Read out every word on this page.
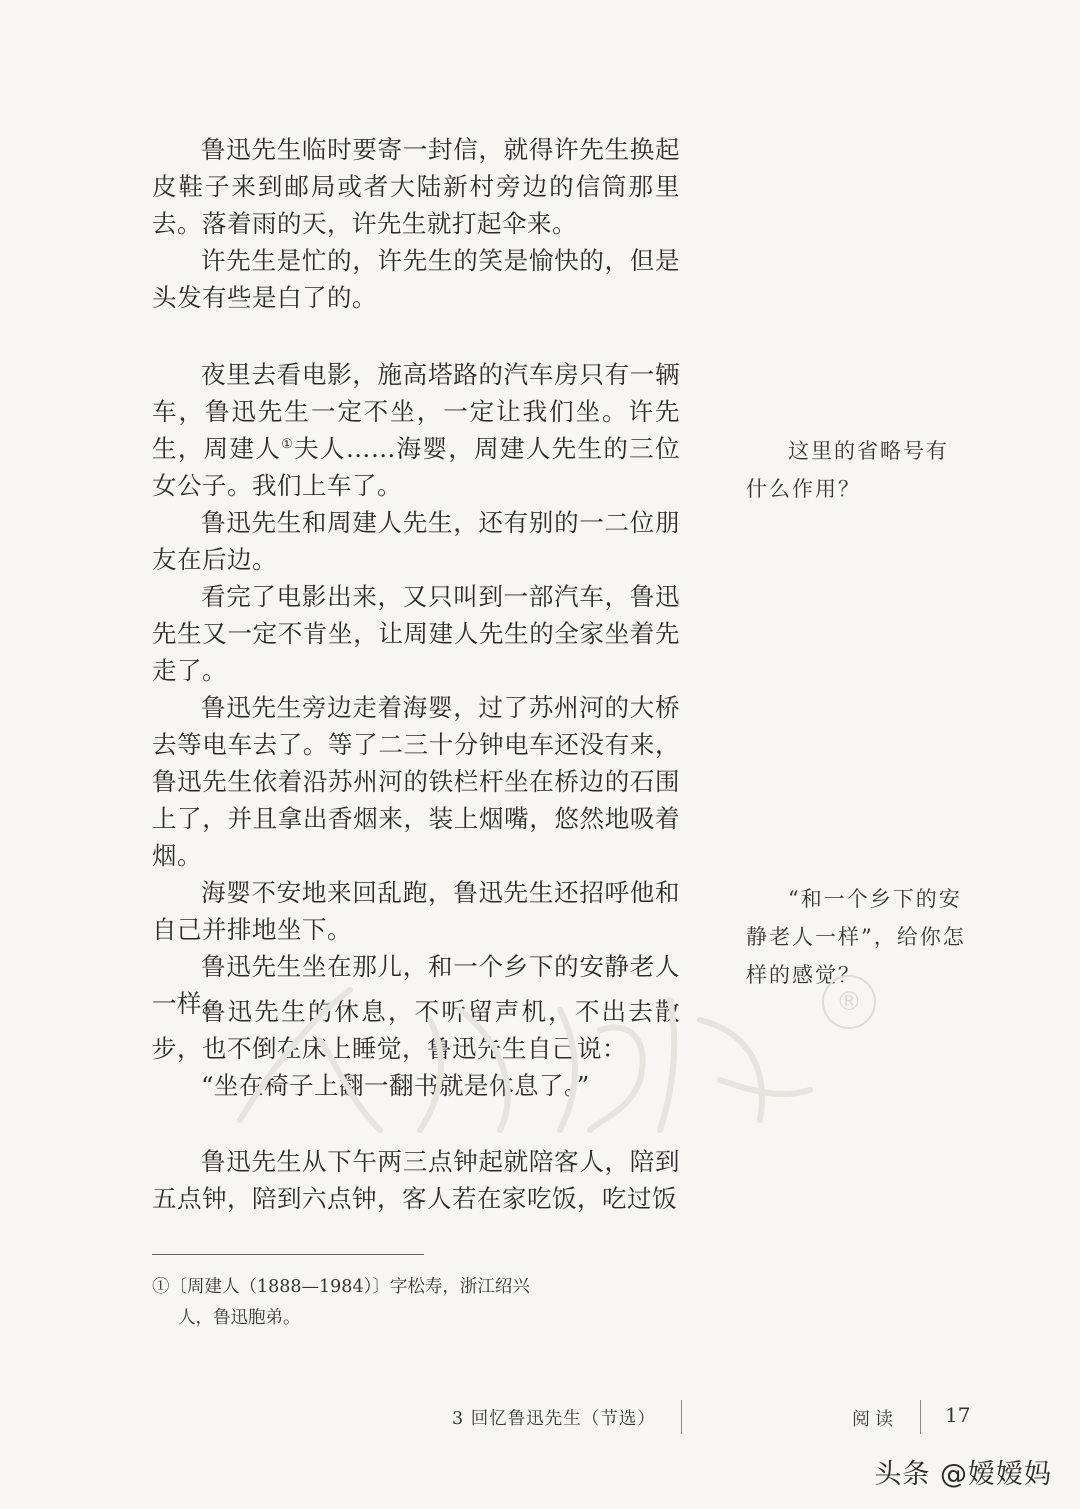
鲁迅先生临时要寄一封信，就得许先生换起皮鞋子来到邮局或者大陆新村旁边的信筒那里去。落着雨的天，许先生就打起伞来。

许先生是忙的，许先生的笑是愉快的，但是头发有些是白了的。

夜里去看电影，施高塔路的汽车房只有一辆车，鲁迅先生一定不坐，一定让我们坐。许先生，周建人①夫人……海婴，周建人先生的三位女公子。我们上车了。

鲁迅先生和周建人先生，还有别的一二位朋友在后边。

看完了电影出来，又只叫到一部汽车，鲁迅先生又一定不肯坐，让周建人先生的全家坐着先走了。

鲁迅先生旁边走着海婴，过了苏州河的大桥去等电车去了。等了二三十分钟电车还没有来，鲁迅先生依着沿苏州河的铁栏杆坐在桥边的石围上了，并且拿出香烟来，装上烟嘴，悠然地吸着烟。

海婴不安地来回乱跑，鲁迅先生还招呼他和自己并排地坐下。

鲁迅先生坐在那儿，和一个乡下的安静老人一样。

鲁迅先生的休息，不听留声机，不出去散步，也不倒在床上睡觉，鲁迅先生自己说：

“坐在椅子上翻一翻书就是休息了。”

鲁迅先生从下午两三点钟起就陪客人，陪到五点钟，陪到六点钟，客人若在家吃饭，吃过饭

这里的省略号有什么作用？

“和一个乡下的安静老人一样”，给你怎样的感觉？

®
①〔周建人（1888—1984）〕字松寿，浙江绍兴
人，鲁迅胞弟。
3 回忆鲁迅先生（节选）	阅读 17
头条 @嫒嫒妈
